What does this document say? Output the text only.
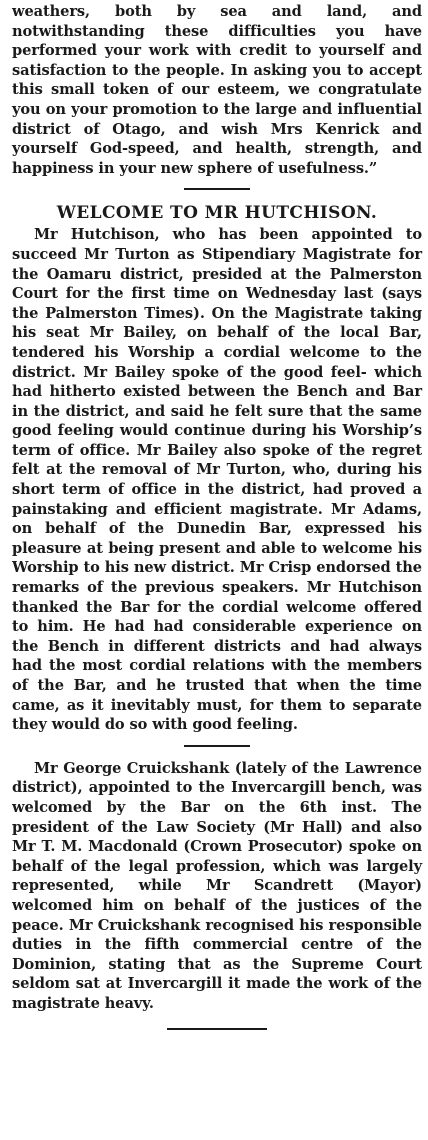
weathers, both by sea and land, and notwithstanding these difficulties you have performed your work with credit to yourself and satisfaction to the people. In asking you to accept this small token of our esteem, we congratulate you on your promotion to the large and influential district of Otago, and wish Mrs Kenrick and yourself God-speed, and health, strength, and happiness in your new sphere of usefulness.”

WELCOME TO MR HUTCHISON.

Mr Hutchison, who has been appointed to succeed Mr Turton as Stipendiary Magistrate for the Oamaru district, presided at the Palmerston Court for the first time on Wednesday last (says the Palmerston Times). On the Magistrate taking his seat Mr Bailey, on behalf of the local Bar, tendered his Worship a cordial welcome to the district. Mr Bailey spoke of the good feel- which had hitherto existed between the Bench and Bar in the district, and said he felt sure that the same good feeling would continue during his Worship’s term of office. Mr Bailey also spoke of the regret felt at the removal of Mr Turton, who, during his short term of office in the district, had proved a painstaking and efficient magistrate. Mr Adams, on behalf of the Dunedin Bar, expressed his pleasure at being present and able to welcome his Worship to his new district. Mr Crisp endorsed the remarks of the previous speakers. Mr Hutchison thanked the Bar for the cordial welcome offered to him. He had had considerable experience on the Bench in different districts and had always had the most cordial relations with the members of the Bar, and he trusted that when the time came, as it inevitably must, for them to separate they would do so with good feeling.

Mr George Cruickshank (lately of the Lawrence district), appointed to the Invercargill bench, was welcomed by the Bar on the 6th inst. The president of the Law Society (Mr Hall) and also Mr T. M. Macdonald (Crown Prosecutor) spoke on behalf of the legal profession, which was largely represented, while Mr Scandrett (Mayor) welcomed him on behalf of the justices of the peace. Mr Cruickshank recognised his responsible duties in the fifth commercial centre of the Dominion, stating that as the Supreme Court seldom sat at Invercargill it made the work of the magistrate heavy.
